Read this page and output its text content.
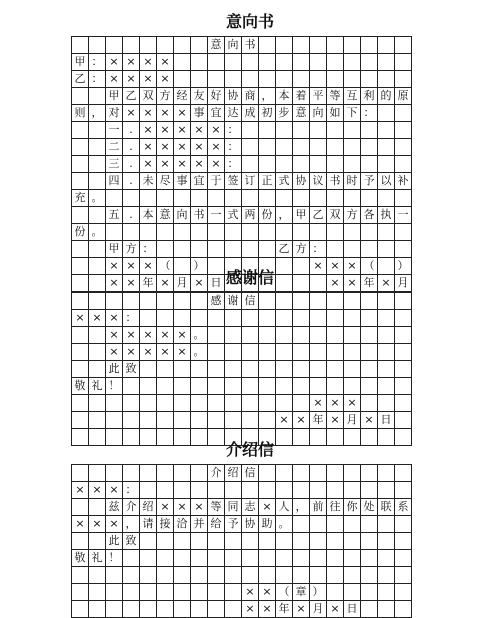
意向书
意 向 书
甲 ： × × × ×
乙 ： × × × ×
甲 乙 双 方 经 友 好 协 商 ， 本 着 平 等 互 利 的 原
则 ， 对 × × × × 事 宜 达 成 初 步 意 向 如 下 ：
一 . × × × × × ：
二 . × × × × × ：
三 . × × × × × ：
四 . 未 尽 事 宜 于 签 订 正 式 协 议 书 时 予 以 补
充 。
五 . 本 意 向 书 一 式 两 份 ， 甲 乙 双 方 各 执 一
份 。
甲 方 ：	乙 方 ：
× × × （	）	× × × （	）
× × 年 × 月 × 日	× × 年 × 月
感谢信
感 谢 信
× × × ：
× × × × × 。
× × × × × 。
此 致
敬 礼 ！
× × ×
× × 年 × 月 × 日
介绍信
介 绍 信
× × × ：
兹 介 绍 × × × 等 同 志 × 人 ， 前 往 你 处 联 系
× × × ， 请 接 洽 并 给 予 协 助 。
此 致
敬 礼 ！
× × （ 章 ）
× × 年 × 月 × 日
